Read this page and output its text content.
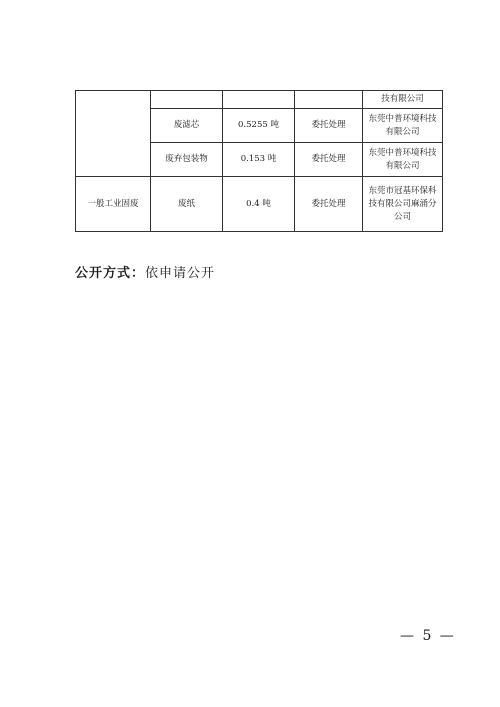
				技有限公司
	废滤芯	0.5255 吨	委托处理	东莞中普环境科技有限公司
	废弃包装物	0.153 吨	委托处理	东莞中普环境科技有限公司
一般工业固废	废纸	0.4 吨	委托处理	东莞市冠基环保科技有限公司麻涌分公司
公开方式：依申请公开
— 5 —
